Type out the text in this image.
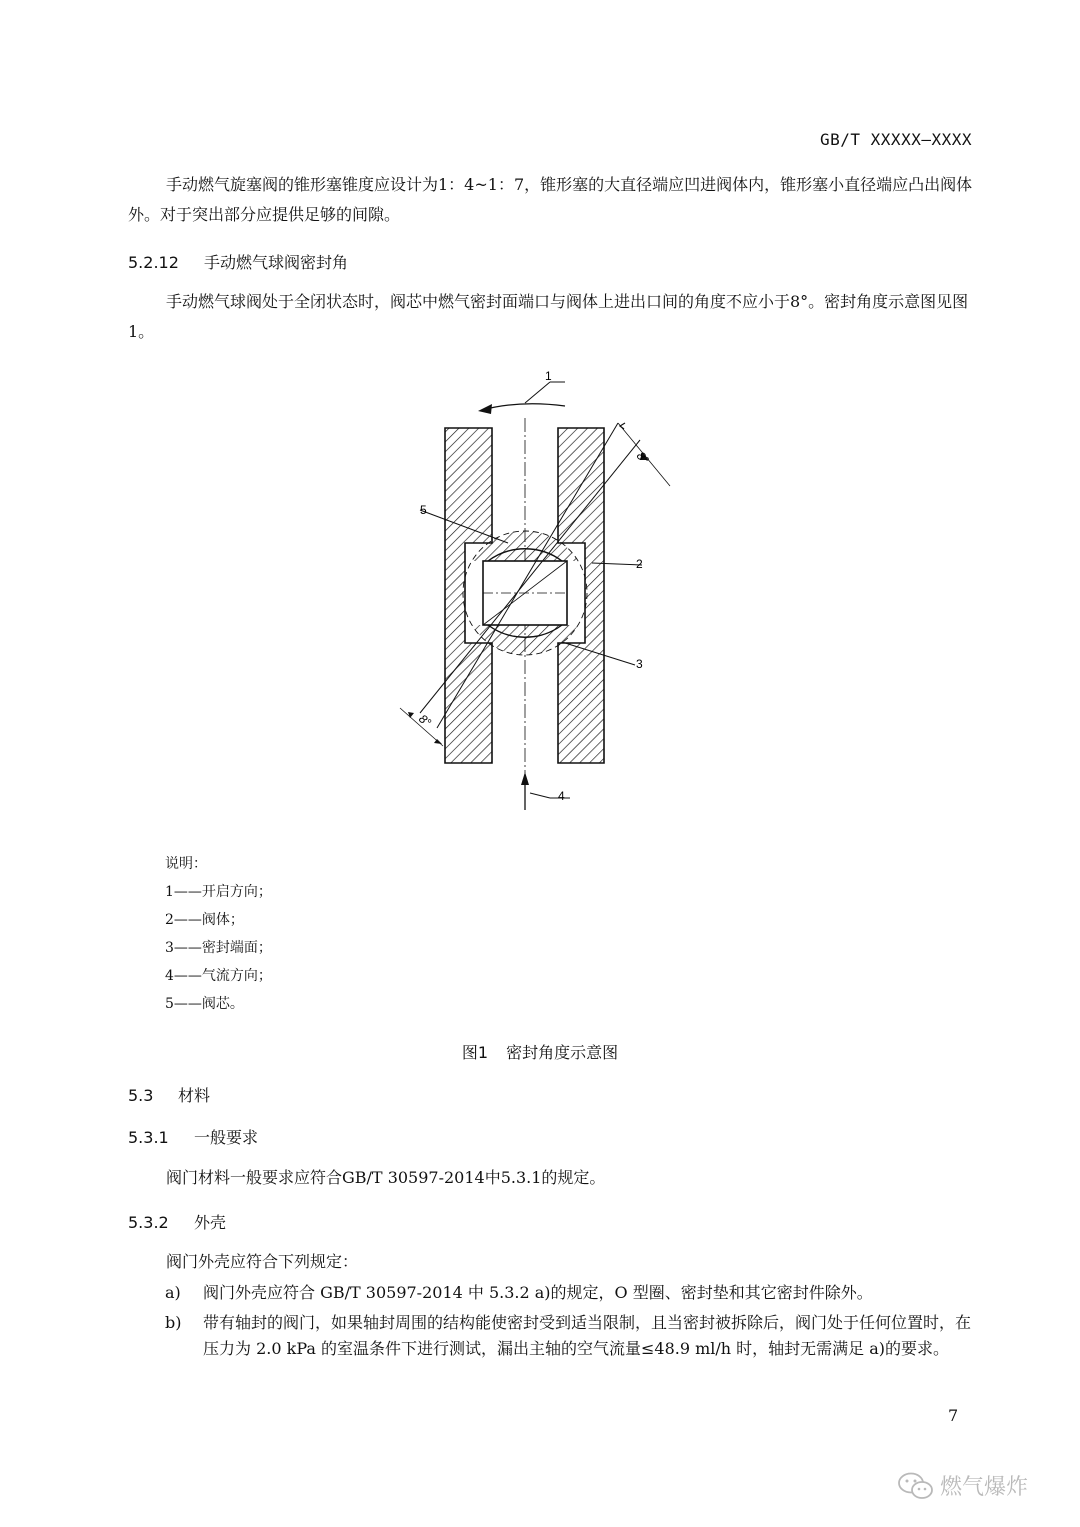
GB/T XXXXX—XXXX
手动燃气旋塞阀的锥形塞锥度应设计为1：4~1：7，锥形塞的大直径端应凹进阀体内，锥形塞小直径端应凸出阀体外。对于突出部分应提供足够的间隙。
5.2.12 手动燃气球阀密封角
手动燃气球阀处于全闭状态时，阀芯中燃气密封面端口与阀体上进出口间的角度不应小于8°。密封角度示意图见图1。
1
2
3
4
5
8°
8°
说明：
1——开启方向；
2——阀体；
3——密封端面；
4——气流方向；
5——阀芯。
图1 密封角度示意图
5.3 材料
5.3.1 一般要求
阀门材料一般要求应符合GB/T 30597-2014中5.3.1的规定。
5.3.2 外壳
阀门外壳应符合下列规定：
a)	阀门外壳应符合 GB/T 30597-2014 中 5.3.2 a)的规定，O 型圈、密封垫和其它密封件除外。
b)	带有轴封的阀门，如果轴封周围的结构能使密封受到适当限制，且当密封被拆除后，阀门处于任何位置时，在压力为 2.0 kPa 的室温条件下进行测试，漏出主轴的空气流量≤48.9 ml/h 时，轴封无需满足 a)的要求。
7
燃气爆炸
